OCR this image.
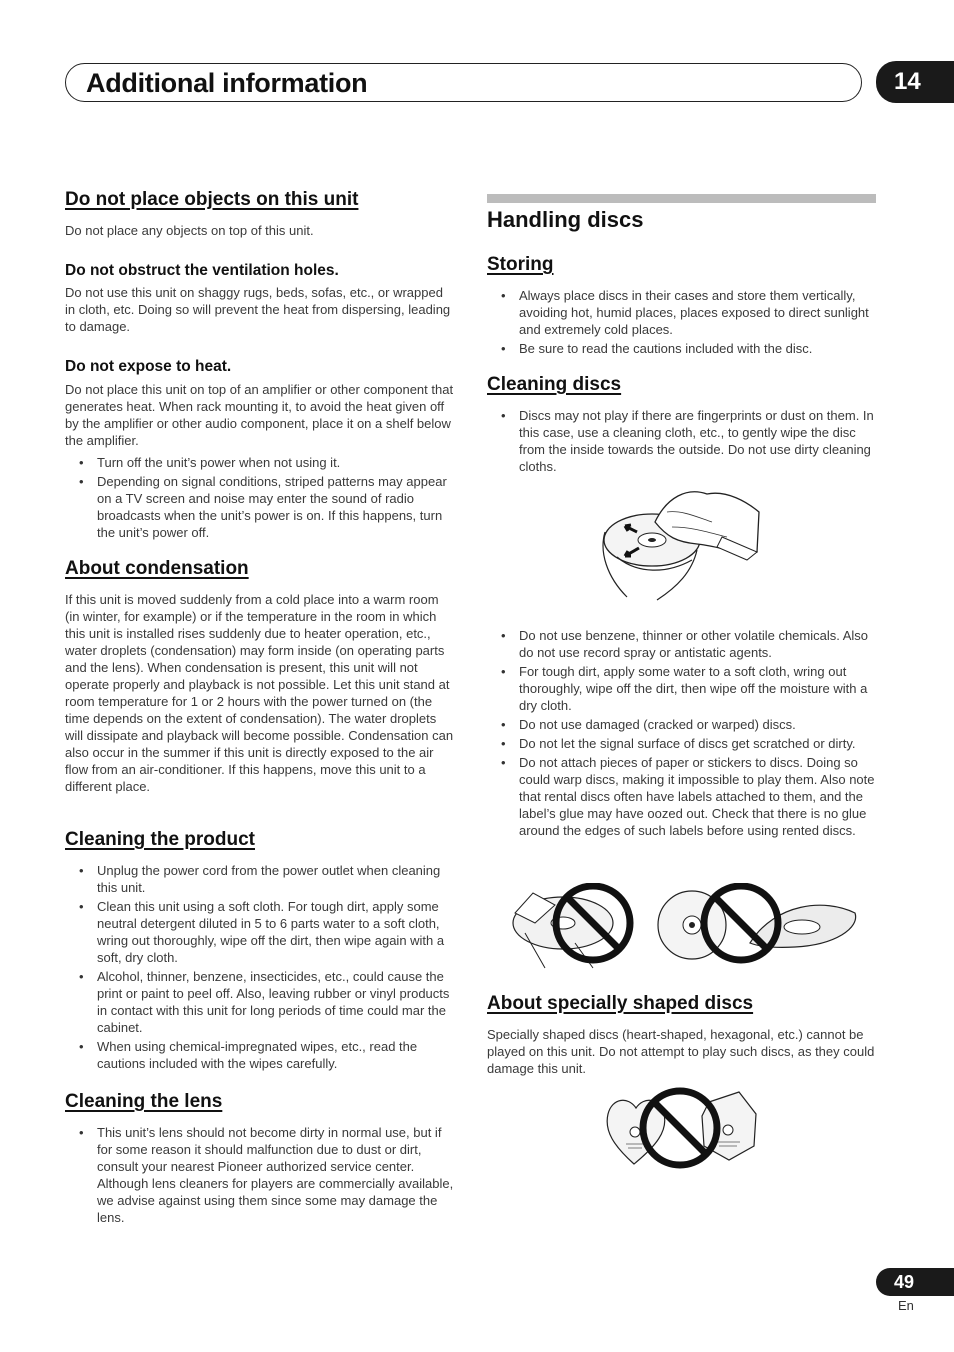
Additional information	14
Do not place objects on this unit

Do not place any objects on top of this unit.

Do not obstruct the ventilation holes.

Do not use this unit on shaggy rugs, beds, sofas, etc., or wrapped in cloth, etc. Doing so will prevent the heat from dispersing, leading to damage.

Do not expose to heat.

Do not place this unit on top of an amplifier or other component that generates heat. When rack mounting it, to avoid the heat given off by the amplifier or other audio component, place it on a shelf below the amplifier.

• Turn off the unit’s power when not using it.
• Depending on signal conditions, striped patterns may appear on a TV screen and noise may enter the sound of radio broadcasts when the unit’s power is on. If this happens, turn the unit’s power off.
About condensation

If this unit is moved suddenly from a cold place into a warm room (in winter, for example) or if the temperature in the room in which this unit is installed rises suddenly due to heater operation, etc., water droplets (condensation) may form inside (on operating parts and the lens). When condensation is present, this unit will not operate properly and playback is not possible. Let this unit stand at room temperature for 1 or 2 hours with the power turned on (the time depends on the extent of condensation). The water droplets will dissipate and playback will become possible. Condensation can also occur in the summer if this unit is directly exposed to the air flow from an air-conditioner. If this happens, move this unit to a different place.

Cleaning the product
• Unplug the power cord from the power outlet when cleaning this unit.
• Clean this unit using a soft cloth. For tough dirt, apply some neutral detergent diluted in 5 to 6 parts water to a soft cloth, wring out thoroughly, wipe off the dirt, then wipe again with a soft, dry cloth.
• Alcohol, thinner, benzene, insecticides, etc., could cause the print or paint to peel off. Also, leaving rubber or vinyl products in contact with this unit for long periods of time could mar the cabinet.
• When using chemical-impregnated wipes, etc., read the cautions included with the wipes carefully.
Cleaning the lens
• This unit’s lens should not become dirty in normal use, but if for some reason it should malfunction due to dust or dirt, consult your nearest Pioneer authorized service center. Although lens cleaners for players are commercially available, we advise against using them since some may damage the lens.
Handling discs
Storing
• Always place discs in their cases and store them vertically, avoiding hot, humid places, places exposed to direct sunlight and extremely cold places.
• Be sure to read the cautions included with the disc.
Cleaning discs
• Discs may not play if there are fingerprints or dust on them. In this case, use a cleaning cloth, etc., to gently wipe the disc from the inside towards the outside. Do not use dirty cleaning cloths.
• Do not use benzene, thinner or other volatile chemicals. Also do not use record spray or antistatic agents.
• For tough dirt, apply some water to a soft cloth, wring out thoroughly, wipe off the dirt, then wipe off the moisture with a dry cloth.
• Do not use damaged (cracked or warped) discs.
• Do not let the signal surface of discs get scratched or dirty.
• Do not attach pieces of paper or stickers to discs. Doing so could warp discs, making it impossible to play them. Also note that rental discs often have labels attached to them, and the label’s glue may have oozed out. Check that there is no glue around the edges of such labels before using rented discs.
About specially shaped discs

Specially shaped discs (heart-shaped, hexagonal, etc.) cannot be played on this unit. Do not attempt to play such discs, as they could damage this unit.

49
En
